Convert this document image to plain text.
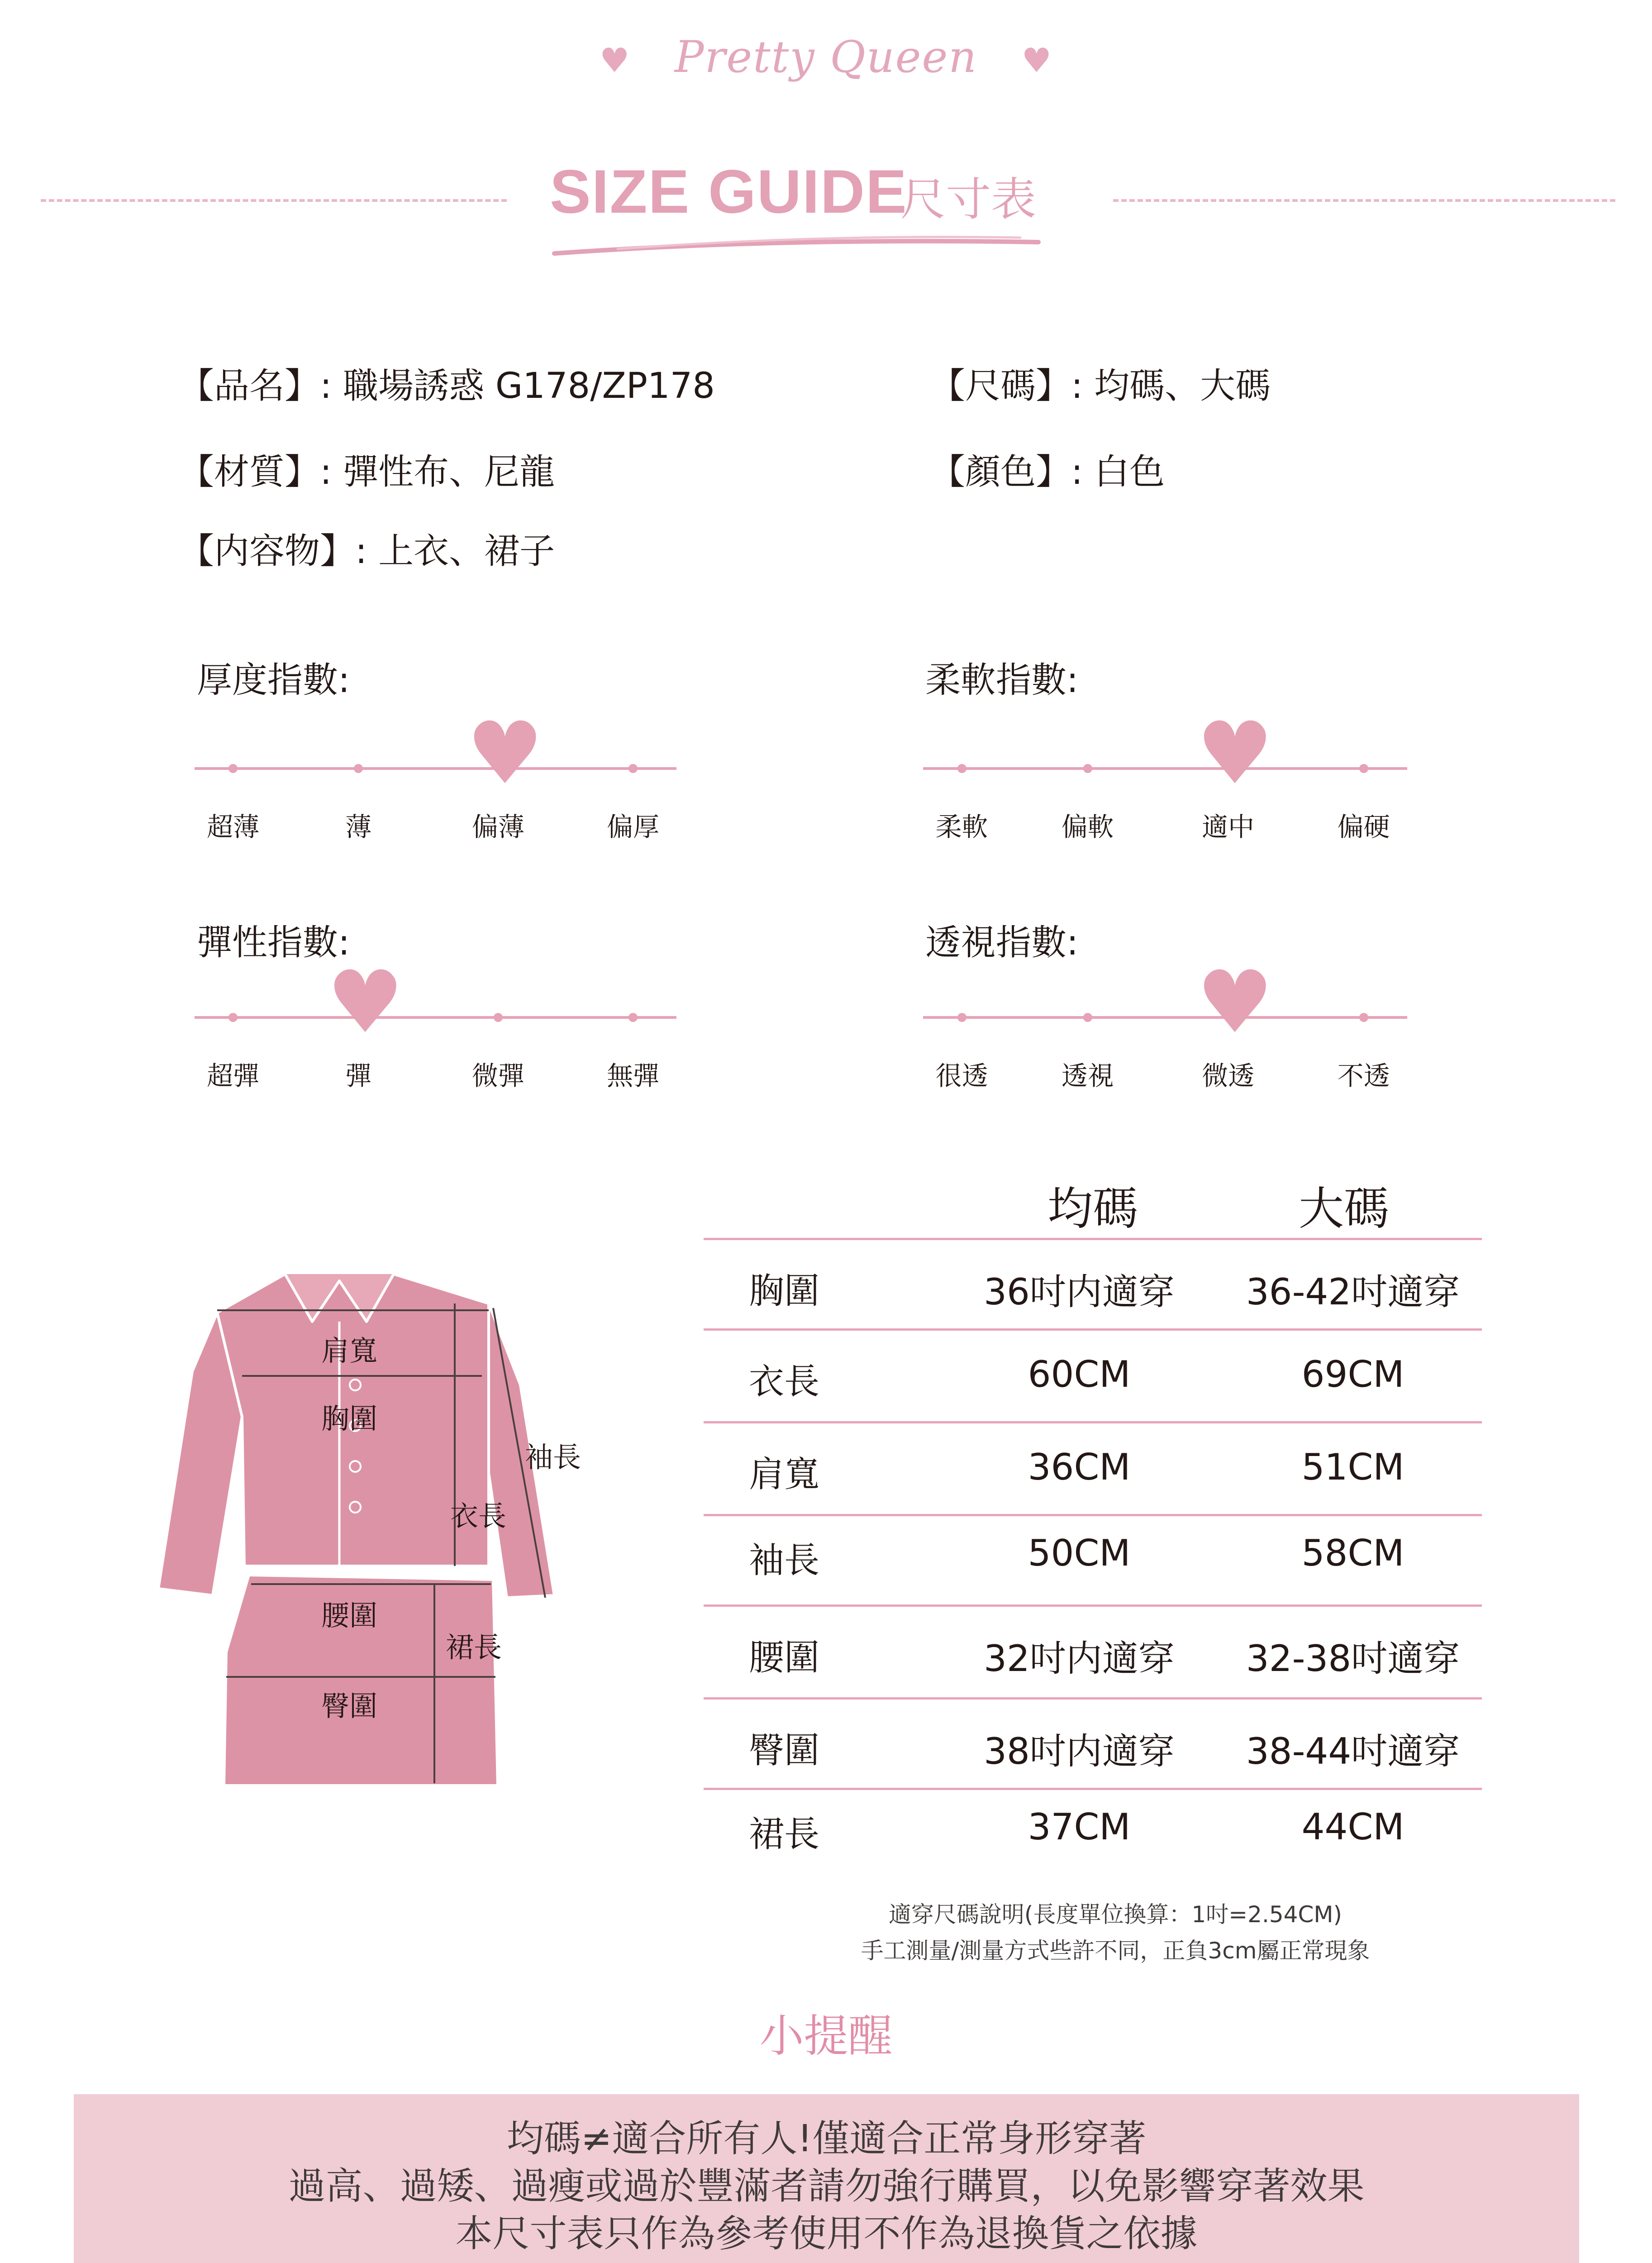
♥ Pretty Queen ♥
SIZE GUIDE
尺寸表
【品名】: 職場誘惑 G178/ZP178	【尺碼】: 均碼、大碼
【材質】: 彈性布、尼龍	【顏色】: 白色
【内容物】: 上衣、裙子
厚度指數:
超薄	薄
♥
偏薄	偏厚
柔軟指數:
柔軟	偏軟
♥
適中	偏硬
彈性指數:
超彈
♥
彈	微彈	無彈
透視指數:
很透	透視
♥
微透	不透
肩寬
胸圍
袖長
衣長
腰圍
裙長
臀圍
均碼	大碼
胸圍	36吋内適穿	36-42吋適穿
衣長	60CM	69CM
肩寬	36CM	51CM
袖長	50CM	58CM
腰圍	32吋内適穿	32-38吋適穿
臀圍	38吋内適穿	38-44吋適穿
裙長	37CM	44CM
適穿尺碼說明(長度單位換算：1吋=2.54CM)
手工測量/測量方式些許不同，正負3cm屬正常現象
小提醒
均碼≠適合所有人!僅適合正常身形穿著
過高、過矮、過瘦或過於豐滿者請勿強行購買，以免影響穿著效果
本尺寸表只作為參考使用不作為退換貨之依據
